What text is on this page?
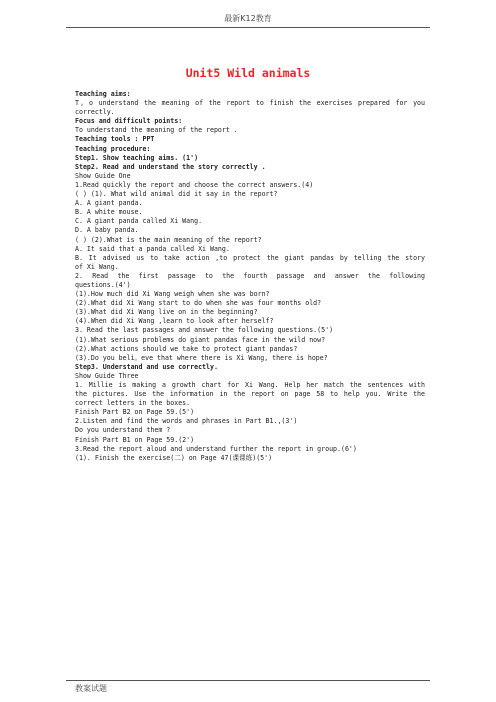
最新K12教育
Unit5 Wild animals
Teaching aims:
T。o understand the meaning of the report to finish the exercises prepared for you
correctly.
Focus and difficult points:
To understand the meaning of the report .
Teaching tools : PPT
Teaching procedure:
Step1. Show teaching aims. (1')
Step2. Read and understand the story correctly .
Show Guide One
1.Read quickly the report and choose the correct answers.(4)
( ) (1). What wild animal did it say in the report?
A. A giant panda.
B. A white mouse.
C. A giant panda called Xi Wang.
D. A baby panda.
( ) (2).What is the main meaning of the report?
A. It said that a panda called Xi Wang.
B. It advised us to take action ,to protect the giant pandas by telling the story
of Xi Wang.
2. Read the first passage to the fourth passage and answer the following
questions.(4')
(1).How much did Xi Wang weigh when she was born?
(2).What did Xi Wang start to do when she was four months old?
(3).What did Xi Wang live on in the beginning?
(4).When did Xi Wang ,learn to look after herself?
3. Read the last passages and answer the following questions.(5')
(1).What serious problems do giant pandas face in the wild now?
(2).What actions should we take to protect giant pandas?
(3).Do you beli。eve that where there is Xi Wang, there is hope?
Step3. Understand and use correctly.
Show Guide Three
1. Millie is making a growth chart for Xi Wang. Help her match the sentences with
the pictures. Use the information in the report on page 58 to help you. Write the
correct letters in the boxes.
Finish Part B2 on Page 59.(5')
2.Listen and find the words and phrases in Part B1.,(3')
Do you understand them ?
Finish Part B1 on Page 59.(2')
3.Read the report aloud and understand further the report in group.(6')
(1). Finish the exercise(二) on Page 47(课课练)(5')
教案试题
